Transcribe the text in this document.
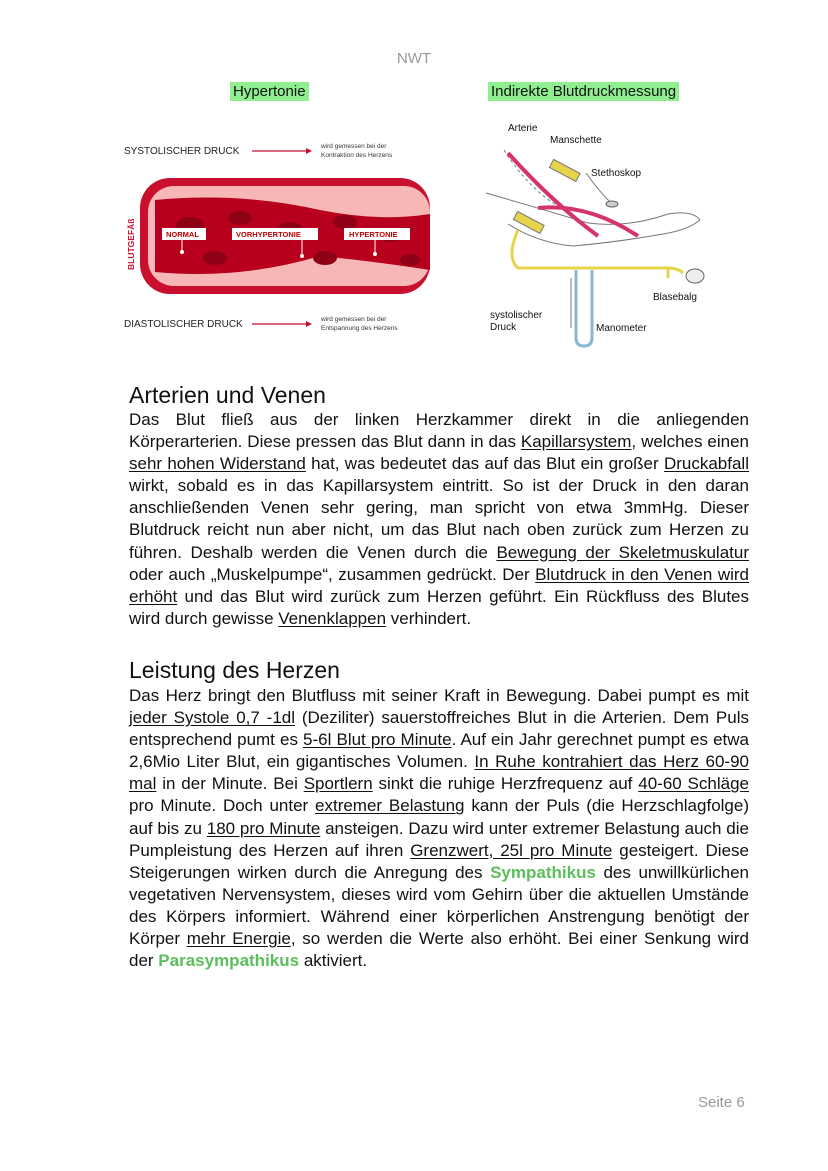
NWT
Hypertonie	Indirekte Blutdruckmessung
SYSTOLISCHER DRUCK	wird gemessen bei der
Kontraktion des Herzens
BLUTGEFÄß	NORMAL	VORHYPERTONIE	HYPERTONIE
DIASTOLISCHER DRUCK	wird gemessen bei der
Entspannung des Herzens
Arterie
Manschette
Stethoskop
Blasebalg
systolischer
Druck	Manometer
Arterien und Venen
Das Blut fließ aus der linken Herzkammer direkt in die anliegenden Körperarterien. Diese pressen das Blut dann in das Kapillarsystem, welches einen sehr hohen Widerstand hat, was bedeutet das auf das Blut ein großer Druckabfall wirkt, sobald es in das Kapillarsystem eintritt. So ist der Druck in den daran anschließenden Venen sehr gering, man spricht von etwa 3mmHg. Dieser Blutdruck reicht nun aber nicht, um das Blut nach oben zurück zum Herzen zu führen. Deshalb werden die Venen durch die Bewegung der Skeletmuskulatur oder auch „Muskelpumpe“, zusammen gedrückt. Der Blutdruck in den Venen wird erhöht und das Blut wird zurück zum Herzen geführt. Ein Rückfluss des Blutes wird durch gewisse Venenklappen verhindert.
Leistung des Herzen
Das Herz bringt den Blutfluss mit seiner Kraft in Bewegung. Dabei pumpt es mit jeder Systole 0,7 -1dl (Deziliter) sauerstoffreiches Blut in die Arterien. Dem Puls entsprechend pumt es 5-6l Blut pro Minute. Auf ein Jahr gerechnet pumpt es etwa 2,6Mio Liter Blut, ein gigantisches Volumen. In Ruhe kontrahiert das Herz 60-90 mal in der Minute. Bei Sportlern sinkt die ruhige Herzfrequenz auf 40-60 Schläge pro Minute. Doch unter extremer Belastung kann der Puls (die Herzschlagfolge) auf bis zu 180 pro Minute ansteigen. Dazu wird unter extremer Belastung auch die Pumpleistung des Herzen auf ihren Grenzwert, 25l pro Minute gesteigert. Diese Steigerungen wirken durch die Anregung des Sympathikus des unwillkürlichen vegetativen Nervensystem, dieses wird vom Gehirn über die aktuellen Umstände des Körpers informiert. Während einer körperlichen Anstrengung benötigt der Körper mehr Energie, so werden die Werte also erhöht. Bei einer Senkung wird der Parasympathikus aktiviert.
Seite 6
